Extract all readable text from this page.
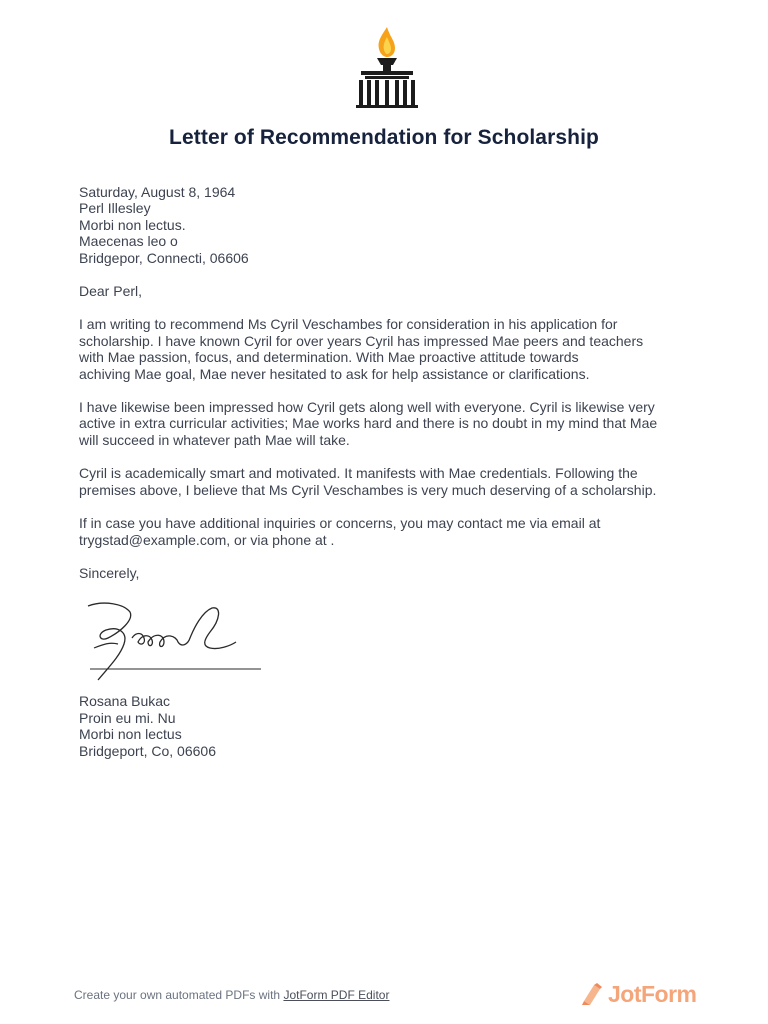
Letter of Recommendation for Scholarship

Saturday, August 8, 1964
Perl Illesley
Morbi non lectus.
Maecenas leo o
Bridgepor, Connecti, 06606

Dear Perl,

I am writing to recommend Ms Cyril Veschambes for consideration in his application for
scholarship. I have known Cyril for over years Cyril has impressed Mae peers and teachers
with Mae passion, focus, and determination. With Mae proactive attitude towards
achiving Mae goal, Mae never hesitated to ask for help assistance or clarifications.

I have likewise been impressed how Cyril gets along well with everyone. Cyril is likewise very
active in extra curricular activities; Mae works hard and there is no doubt in my mind that Mae
will succeed in whatever path Mae will take.

Cyril is academically smart and motivated. It manifests with Mae credentials. Following the
premises above, I believe that Ms Cyril Veschambes is very much deserving of a scholarship.

If in case you have additional inquiries or concerns, you may contact me via email at
trygstad@example.com, or via phone at .

Sincerely,

Rosana Bukac
Proin eu mi. Nu
Morbi non lectus
Bridgeport, Co, 06606
Create your own automated PDFs with JotForm PDF Editor	JotForm
